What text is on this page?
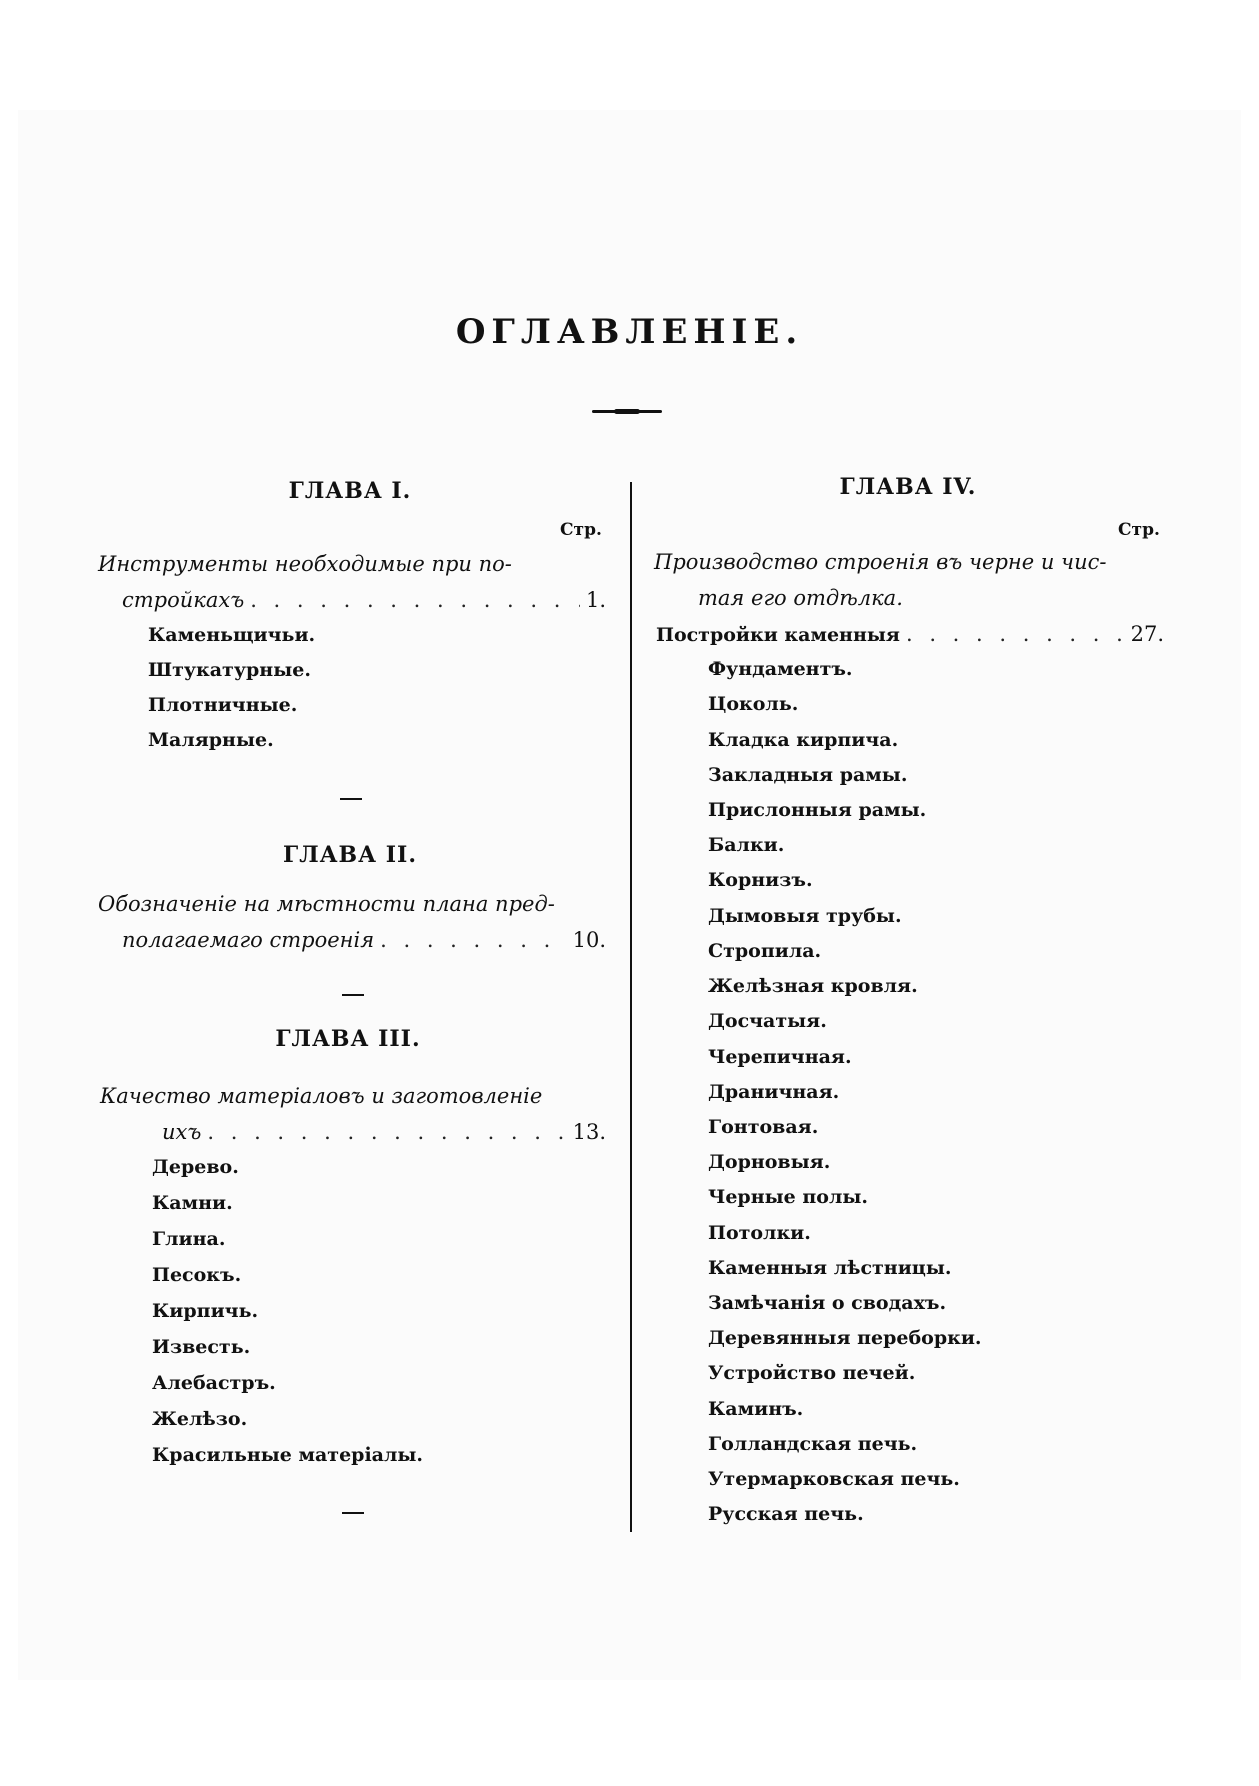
ОГЛАВЛЕНІЕ.
ГЛАВА I.
Стр.
Инструменты необходимые при по-
стройкахъ . . .	1.
Каменьщичьи.
Штукатурные.
Плотничные.
Малярные.
ГЛАВА II.
Обозначеніе на мѣстности плана пред-
полагаемаго строенія . . .	10.
ГЛАВА III.
Качество матеріаловъ и заготовленіе
ихъ . . .	13.
Дерево.
Камни.
Глина.
Песокъ.
Кирпичь.
Известь.
Алебастръ.
Желѣзо.
Красильные матеріалы.
ГЛАВА IV.
Стр.
Производство строенія въ черне и чис-
тая его отдѣлка.
Постройки каменныя . . .	27.
Фундаментъ.
Цоколь.
Кладка кирпича.
Закладныя рамы.
Прислонныя рамы.
Балки.
Корнизъ.
Дымовыя трубы.
Стропила.
Желѣзная кровля.
Досчатыя.
Черепичная.
Драничная.
Гонтовая.
Дорновыя.
Черные полы.
Потолки.
Каменныя лѣстницы.
Замѣчанія о сводахъ.
Деревянныя переборки.
Устройство печей.
Каминъ.
Голландская печь.
Утермарковская печь.
Русская печь.
